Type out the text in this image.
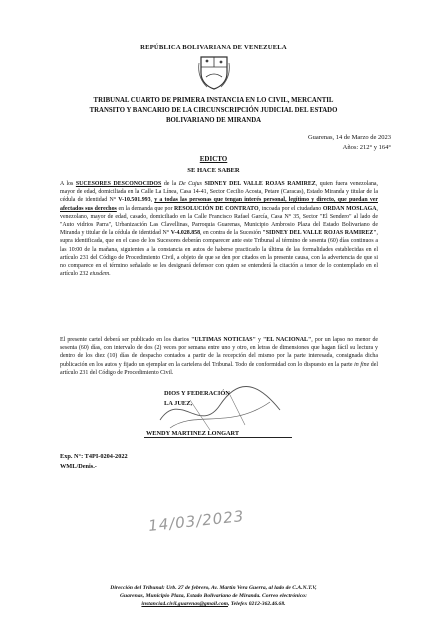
REPÚBLICA BOLIVARIANA DE VENEZUELA
TRIBUNAL CUARTO DE PRIMERA INSTANCIA EN LO CIVIL, MERCANTIL
TRANSITO Y BANCARIO DE LA CIRCUNSCRIPCIÓN JUDICIAL DEL ESTADO
BOLIVARIANO DE MIRANDA
Guarenas, 14 de Marzo de 2023
Años: 212° y 164°
EDICTO
SE HACE SABER
A los SUCESORES DESCONOCIDOS de la De Cujus SIDNEY DEL VALLE ROJAS RAMIREZ, quien fuera venezolana, mayor de edad, domiciliada en la Calle La Línea, Casa 14-41, Sector Cecilio Acosta, Petare (Caracas), Estado Miranda y titular de la cédula de identidad N° V-10.501.993, y a todas las personas que tengan interés personal, legítimo y directo, que puedan ver afectados sus derechos en la demanda que por RESOLUCIÓN DE CONTRATO, incoada por el ciudadano ORDAN MOSLAGA, venezolano, mayor de edad, casado, domiciliado en la Calle Francisco Rafael García, Casa N° 35, Sector "El Sendero" al lado de "Auto vidrios Parra", Urbanización Las Clavellinas, Parroquia Guarenas, Municipio Ambrosio Plaza del Estado Bolivariano de Miranda y titular de la cédula de identidad N° V-4.028.858, en contra de la Sucesión "SIDNEY DEL VALLE ROJAS RAMIREZ", supra identificada, que en el caso de los Sucesores deberán comparecer ante este Tribunal al término de sesenta (60) días continuos a las 10:00 de la mañana, siguientes a la constancia en autos de haberse practicado la última de las formalidades establecidas en el artículo 231 del Código de Procedimiento Civil, a objeto de que se den por citados en la presente causa, con la advertencia de que si no comparece en el término señalado se les designará defensor con quien se entenderá la citación a tenor de lo contemplado en el artículo 232 eiusdem.
El presente cartel deberá ser publicado en los diarios "ULTIMAS NOTICIAS" y "EL NACIONAL", por un lapso no menor de sesenta (60) días, con intervalo de dos (2) veces por semana entre uno y otro, en letras de dimensiones que hagan fácil su lectura y dentro de los diez (10) días de despacho contados a partir de la recepción del mismo por la parte interesada, consignada dicha publicación en los autos y fijado un ejemplar en la cartelera del Tribunal. Todo de conformidad con lo dispuesto en la parte in fine del artículo 231 del Código de Procedimiento Civil.
DIOS Y FEDERACIÓN
LA JUEZ,
WENDY MARTINEZ LONGART
Exp. N°: T4PI-0204-2022
WML/Denis.-
14/03/2023
Dirección del Tribunal: Urb. 27 de febrero, Av. Martín Vera Guerra, al lado de C.A.N.T.V,
Guarenas, Municipio Plaza, Estado Bolivariano de Miranda. Correo electrónico:
instancia4.civil.guarenas@gmail.com, Telefex 0212-362.46.68.
